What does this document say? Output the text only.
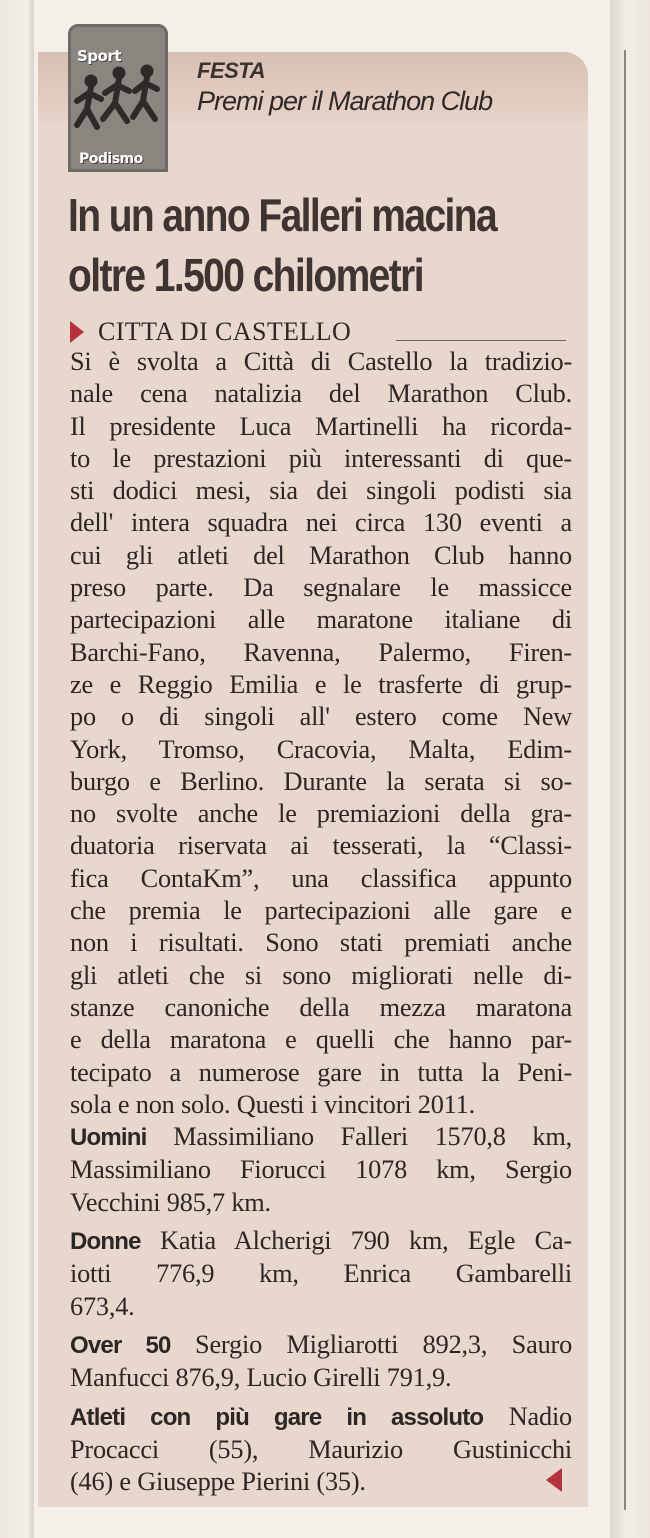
Sport
Podismo
FESTA
Premi per il Marathon Club
In un anno Falleri macina
oltre 1.500 chilometri
CITTA DI CASTELLO

Si è svolta a Città di Castello la tradizio-

nale cena natalizia del Marathon Club.

Il presidente Luca Martinelli ha ricorda-

to le prestazioni più interessanti di que-

sti dodici mesi, sia dei singoli podisti sia

dell' intera squadra nei circa 130 eventi a

cui gli atleti del Marathon Club hanno

preso parte. Da segnalare le massicce

partecipazioni alle maratone italiane di

Barchi-Fano, Ravenna, Palermo, Firen-

ze e Reggio Emilia e le trasferte di grup-

po o di singoli all' estero come New

York, Tromso, Cracovia, Malta, Edim-

burgo e Berlino. Durante la serata si so-

no svolte anche le premiazioni della gra-

duatoria riservata ai tesserati, la “Classi-

fica ContaKm”, una classifica appunto

che premia le partecipazioni alle gare e

non i risultati. Sono stati premiati anche

gli atleti che si sono migliorati nelle di-

stanze canoniche della mezza maratona

e della maratona e quelli che hanno par-

tecipato a numerose gare in tutta la Peni-

sola e non solo. Questi i vincitori 2011.

Uomini Massimiliano Falleri 1570,8 km,

Massimiliano Fiorucci 1078 km, Sergio

Vecchini 985,7 km.

Donne Katia Alcherigi 790 km, Egle Ca-

iotti 776,9 km, Enrica Gambarelli

673,4.

Over 50 Sergio Migliarotti 892,3, Sauro

Manfucci 876,9, Lucio Girelli 791,9.

Atleti con più gare in assoluto Nadio

Procacci (55), Maurizio Gustinicchi

(46) e Giuseppe Pierini (35).
